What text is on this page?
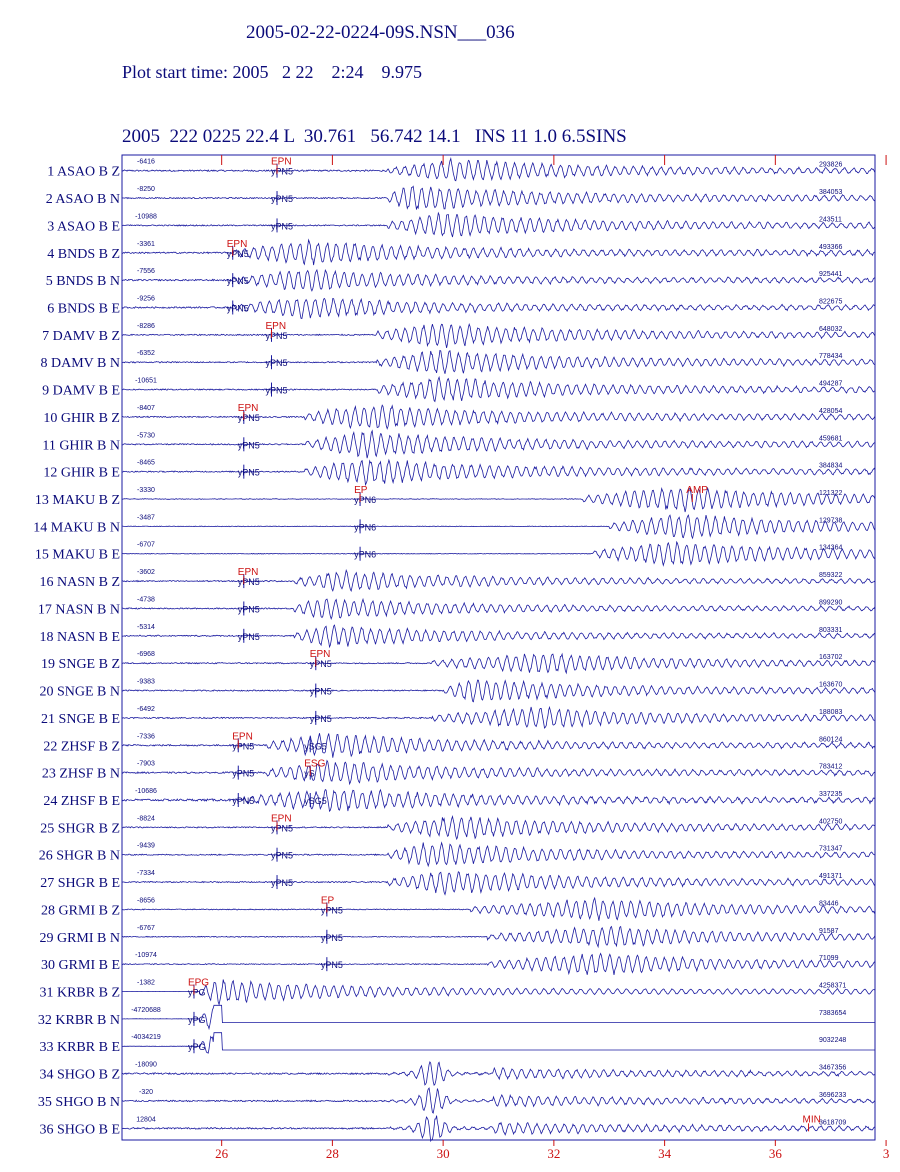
2005-02-22-0224-09S.NSN___036
Plot start time: 2005   2 22    2:24    9.975
2005  222 0225 22.4 L  30.761   56.742 14.1   INS 11 1.0 6.5SINS
1 ASAO B Z
-6416	293826
yPN5
EPN
2 ASAO B N
-8250	384053
yPN5
3 ASAO B E
-10988	243511
yPN5
4 BNDS B Z
-3361	493366
yPN5
EPN
5 BNDS B N
-7556	925441
yPN5
6 BNDS B E
-9256	822675
yPN5
7 DAMV B Z
-8286	648032
yPN5
EPN
8 DAMV B N
-6352	778434
yPN5
9 DAMV B E
-10651	494287
yPN5
10 GHIR B Z
-8407	428054
yPN5
EPN
11 GHIR B N
-5730	459681
yPN5
12 GHIR B E
-8465	384834
yPN5
13 MAKU B Z
-3330	121322
yPN6
EP	AMP
14 MAKU B N
-3487	129738
yPN6
15 MAKU B E
-6707	134364
yPN6
16 NASN B Z
-3602	859322
yPN5
EPN
17 NASN B N
-4738	899290
yPN5
18 NASN B E
-5314	803331
yPN5
19 SNGE B Z
-6968	163702
yPN5
EPN
20 SNGE B N
-9383	163670
yPN5
21 SNGE B E
-6492	188083
yPN5
22 ZHSF B Z
-7336	860124
yPN5	ySG5
EPN
23 ZHSF B N
-7903	783412
yPN5	yS
ESG
24 ZHSF B E
-10686	337235
yPN5	ySG5
25 SHGR B Z
-8824	402750
yPN5
EPN
26 SHGR B N
-9439	731347
yPN5
27 SHGR B E
-7334	491371
yPN5
28 GRMI B Z
-8656	83446
yPN5
EP
29 GRMI B N
-6767	91587
yPN5
30 GRMI B E
-10974	71099
yPN5
31 KRBR B Z
-1382	4258371
yPG
EPG
32 KRBR B N
-4720688	7383654
yPG
33 KRBR B E
-4034219	9032248
yPG
34 SHGO B Z
-18090	3467356
35 SHGO B N
-320	3696233
36 SHGO B E
12804	3618709
MIN
26	28	30	32	34	36	3
